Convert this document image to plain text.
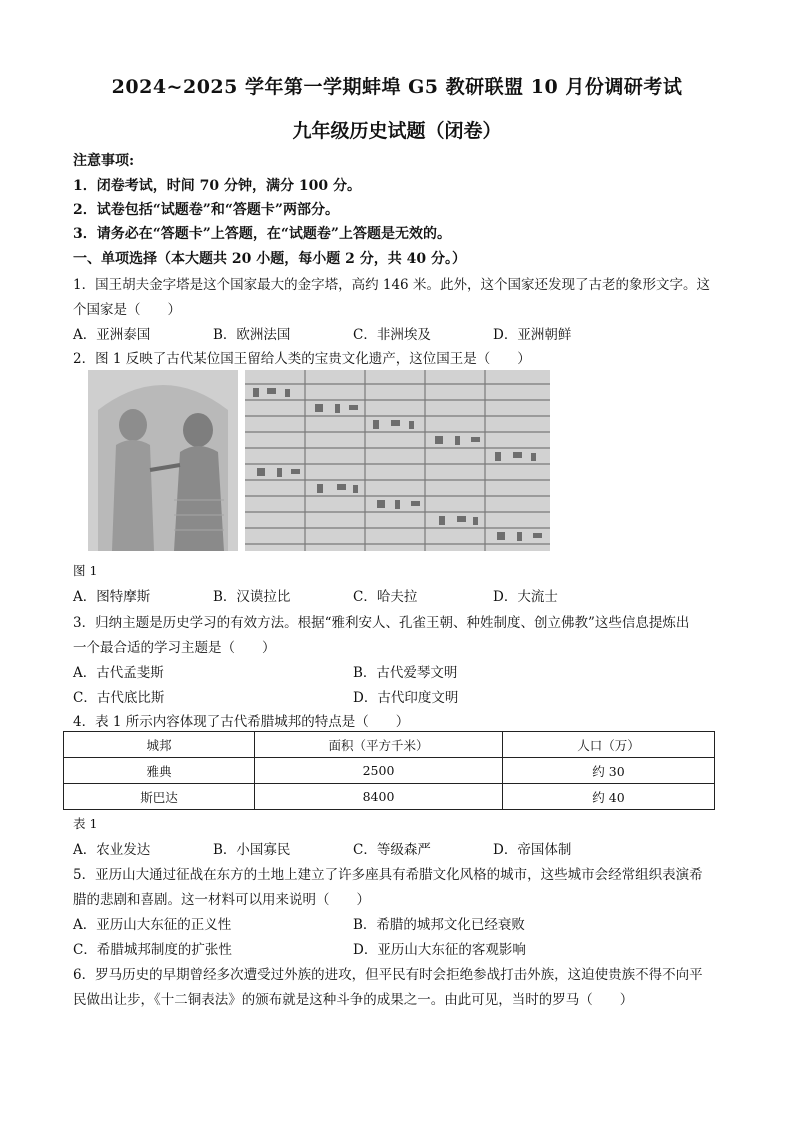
2024~2025 学年第一学期蚌埠 G5 教研联盟 10 月份调研考试
九年级历史试题（闭卷）
注意事项:
1．闭卷考试，时间 70 分钟，满分 100 分。
2．试卷包括“试题卷”和“答题卡”两部分。
3．请务必在“答题卡”上答题，在“试题卷”上答题是无效的。
一、单项选择（本大题共 20 小题，每小题 2 分，共 40 分。）
1．国王胡夫金字塔是这个国家最大的金字塔，高约 146 米。此外，这个国家还发现了古老的象形文字。这
个国家是（　　）
A．亚洲泰国	B．欧洲法国	C．非洲埃及	D．亚洲朝鲜
2．图 1 反映了古代某位国王留给人类的宝贵文化遗产，这位国王是（　　）
图 1
A．图特摩斯	B．汉谟拉比	C．哈夫拉	D．大流士
3．归纳主题是历史学习的有效方法。根据“雅利安人、孔雀王朝、种姓制度、创立佛教”这些信息提炼出
一个最合适的学习主题是（　　）
A．古代孟斐斯	B．古代爱琴文明
C．古代底比斯	D．古代印度文明
4．表 1 所示内容体现了古代希腊城邦的特点是（　　）
城邦	面积（平方千米）	人口（万）
雅典	2500	约 30
斯巴达	8400	约 40
表 1
A．农业发达	B．小国寡民	C．等级森严	D．帝国体制
5．亚历山大通过征战在东方的土地上建立了许多座具有希腊文化风格的城市，这些城市会经常组织表演希
腊的悲剧和喜剧。这一材料可以用来说明（　　）
A．亚历山大东征的正义性	B．希腊的城邦文化已经衰败
C．希腊城邦制度的扩张性	D．亚历山大东征的客观影响
6．罗马历史的早期曾经多次遭受过外族的进攻，但平民有时会拒绝参战打击外族，这迫使贵族不得不向平
民做出让步，《十二铜表法》的颁布就是这种斗争的成果之一。由此可见，当时的罗马（　　）
